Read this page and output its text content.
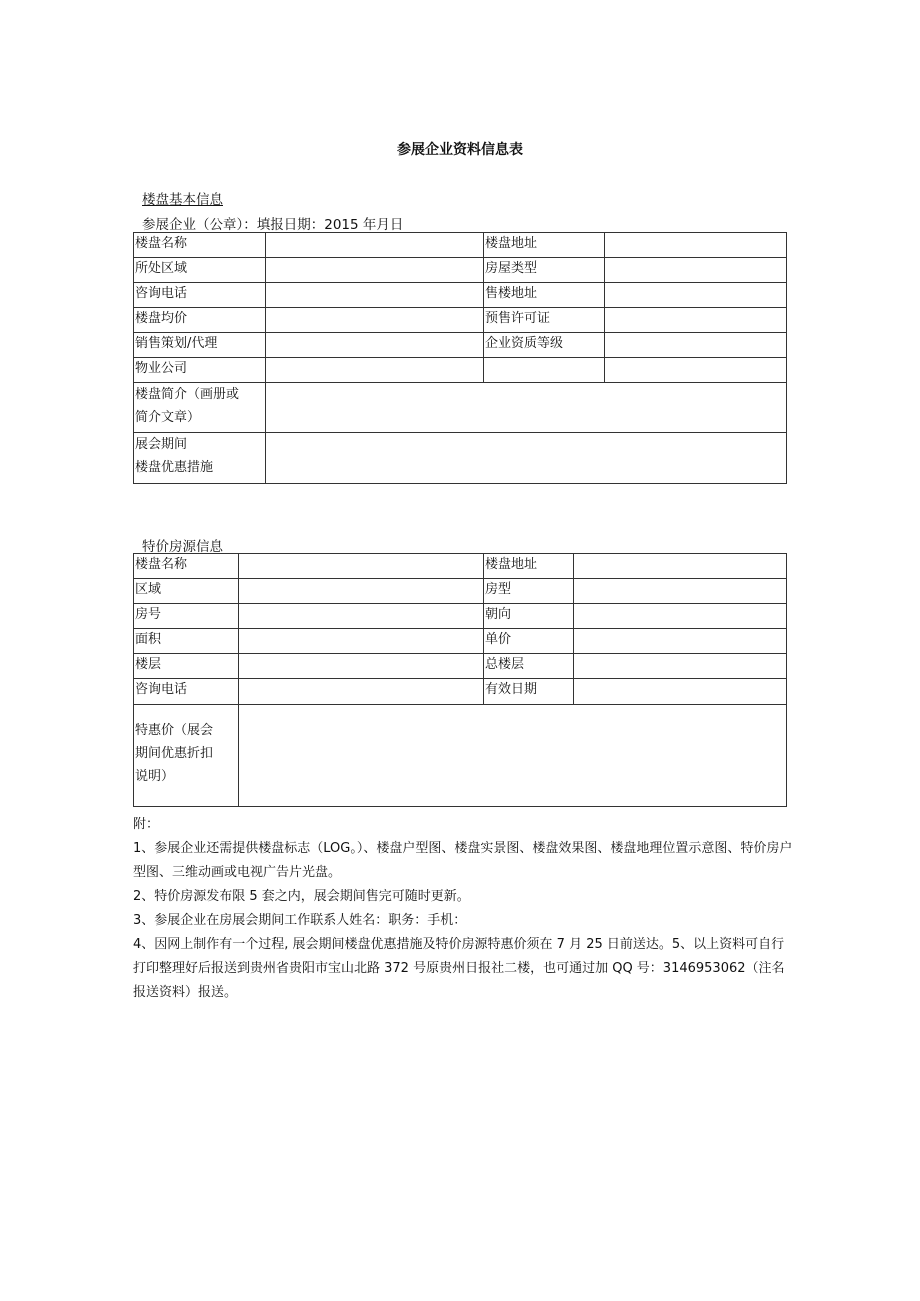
参展企业资料信息表
楼盘基本信息
参展企业（公章）：填报日期：2015 年月日
楼盘名称		楼盘地址	
所处区域		房屋类型	
咨询电话		售楼地址	
楼盘均价		预售许可证	
销售策划/代理		企业资质等级	
物业公司			

楼盘简介（画册或
简介文章）			

展会期间
楼盘优惠措施			

特价房源信息
楼盘名称		楼盘地址	
区域		房型	
房号		朝向	
面积		单价	
楼层		总楼层	
咨询电话		有效日期	

特惠价（展会
期间优惠折扣
说明）			

附：

1、参展企业还需提供楼盘标志（LOG。）、楼盘户型图、楼盘实景图、楼盘效果图、楼盘地理位置示意图、特价房户型图、三维动画或电视广告片光盘。

2、特价房源发布限 5 套之内，展会期间售完可随时更新。

3、参展企业在房展会期间工作联系人姓名：职务：手机：

4、因网上制作有一个过程, 展会期间楼盘优惠措施及特价房源特惠价须在 7 月 25 日前送达。5、以上资料可自行打印整理好后报送到贵州省贵阳市宝山北路 372 号原贵州日报社二楼，也可通过加 QQ 号：3146953062（注名报送资料）报送。
